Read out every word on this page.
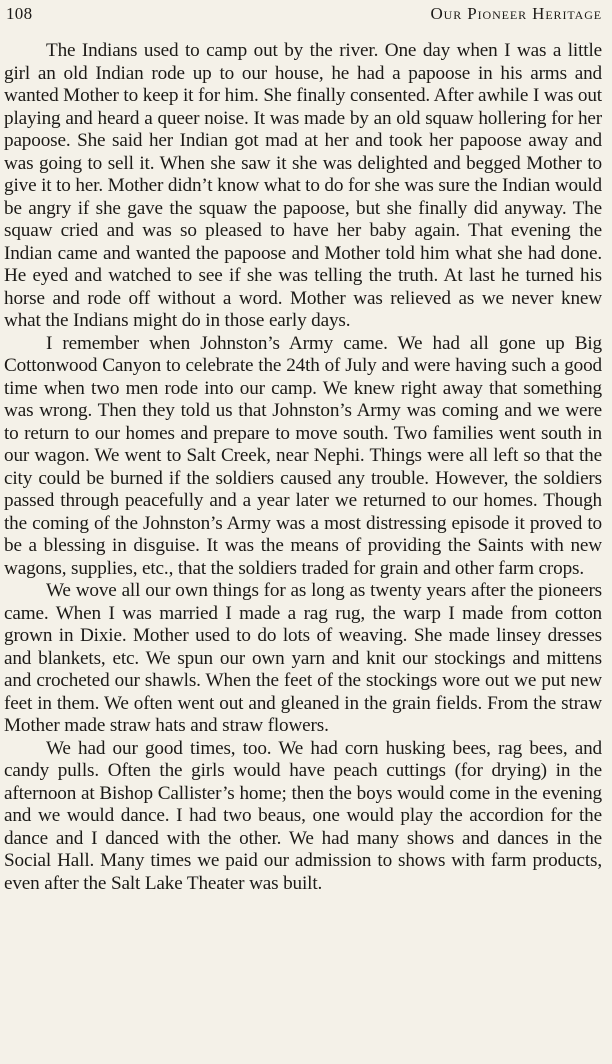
108	Our Pioneer Heritage

The Indians used to camp out by the river. One day when I was a little girl an old Indian rode up to our house, he had a papoose in his arms and wanted Mother to keep it for him. She finally consented. After awhile I was out playing and heard a queer noise. It was made by an old squaw hollering for her papoose. She said her Indian got mad at her and took her papoose away and was going to sell it. When she saw it she was delighted and begged Mother to give it to her. Mother didn’t know what to do for she was sure the Indian would be angry if she gave the squaw the papoose, but she finally did anyway. The squaw cried and was so pleased to have her baby again. That evening the Indian came and wanted the papoose and Mother told him what she had done. He eyed and watched to see if she was telling the truth. At last he turned his horse and rode off without a word. Mother was relieved as we never knew what the Indians might do in those early days.

I remember when Johnston’s Army came. We had all gone up Big Cottonwood Canyon to celebrate the 24th of July and were having such a good time when two men rode into our camp. We knew right away that something was wrong. Then they told us that Johnston’s Army was coming and we were to return to our homes and prepare to move south. Two families went south in our wagon. We went to Salt Creek, near Nephi. Things were all left so that the city could be burned if the soldiers caused any trouble. However, the soldiers passed through peacefully and a year later we returned to our homes. Though the coming of the Johnston’s Army was a most distressing episode it proved to be a blessing in disguise. It was the means of providing the Saints with new wagons, supplies, etc., that the soldiers traded for grain and other farm crops.

We wove all our own things for as long as twenty years after the pioneers came. When I was married I made a rag rug, the warp I made from cotton grown in Dixie. Mother used to do lots of weaving. She made linsey dresses and blankets, etc. We spun our own yarn and knit our stockings and mittens and crocheted our shawls. When the feet of the stockings wore out we put new feet in them. We often went out and gleaned in the grain fields. From the straw Mother made straw hats and straw flowers.

We had our good times, too. We had corn husking bees, rag bees, and candy pulls. Often the girls would have peach cuttings (for drying) in the afternoon at Bishop Callister’s home; then the boys would come in the evening and we would dance. I had two beaus, one would play the accordion for the dance and I danced with the other. We had many shows and dances in the Social Hall. Many times we paid our admission to shows with farm products, even after the Salt Lake Theater was built.
